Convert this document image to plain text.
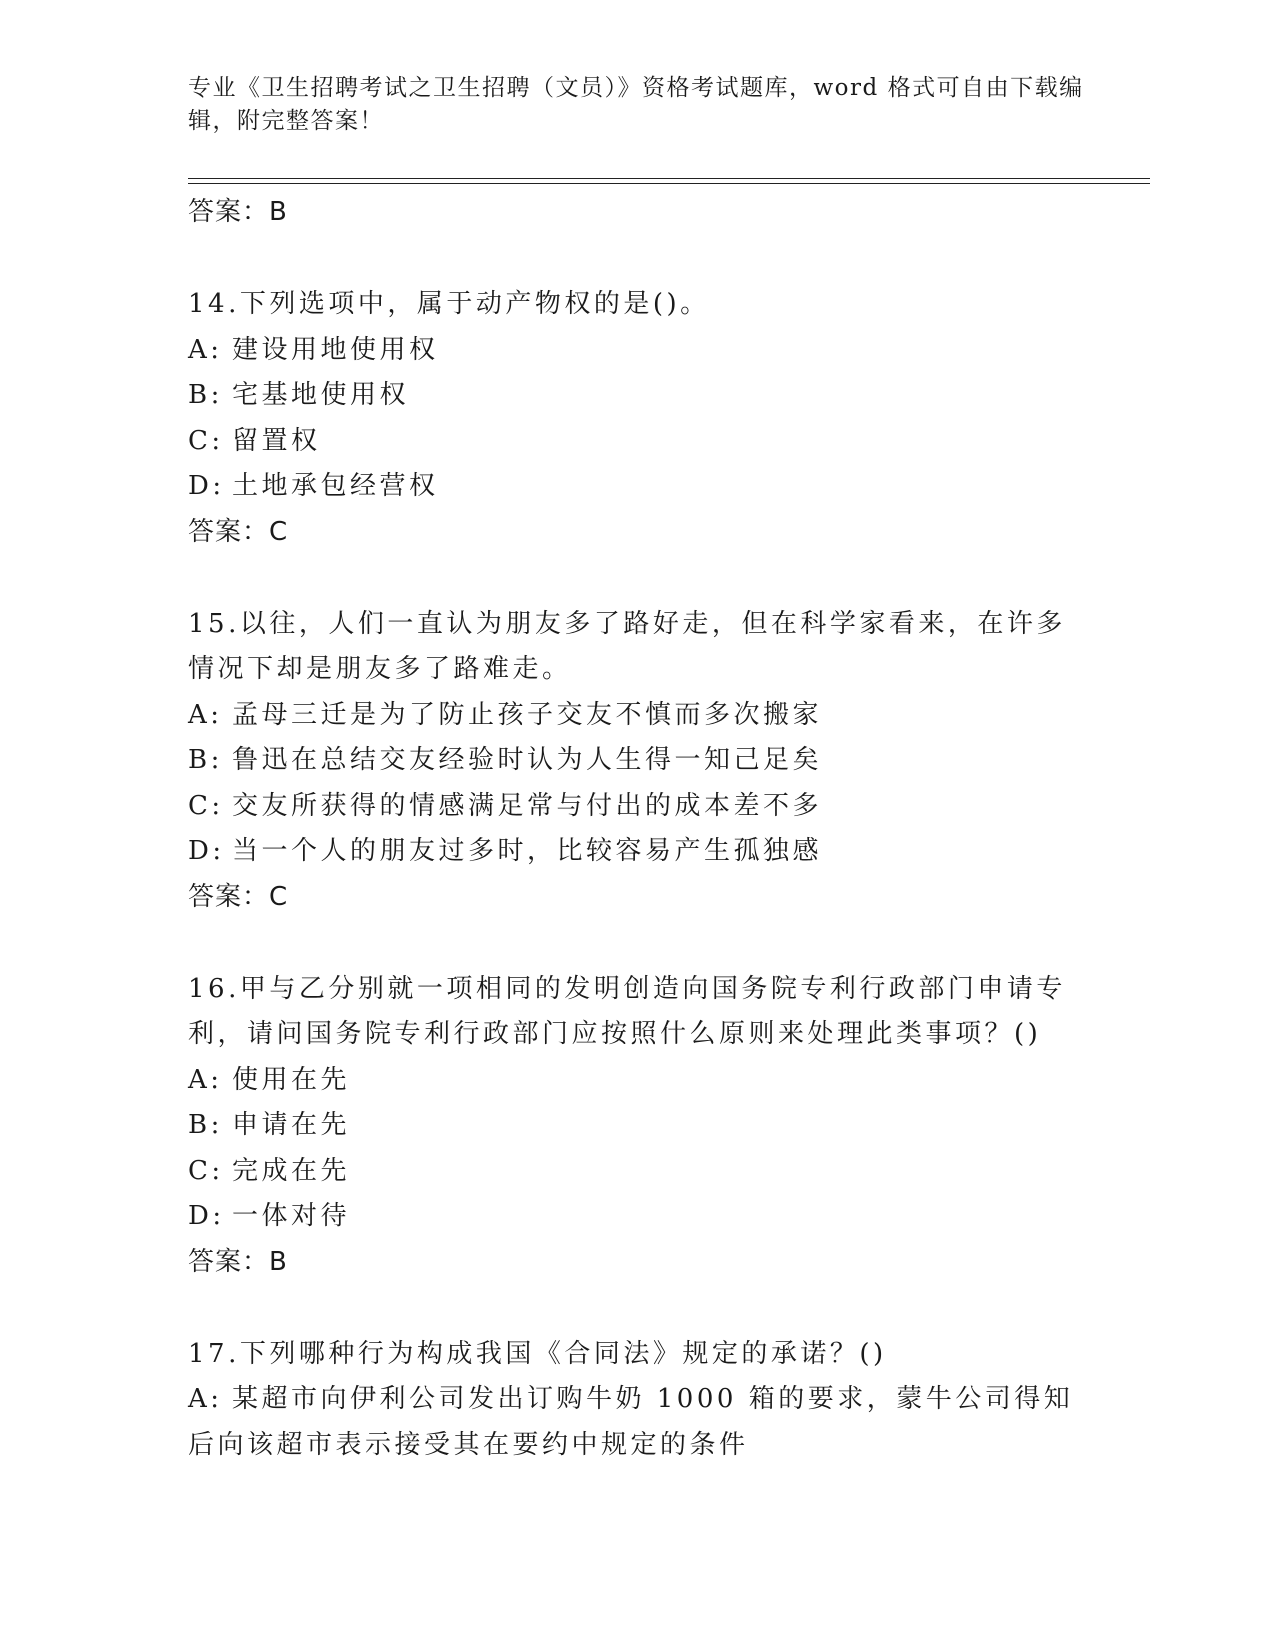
专业《卫生招聘考试之卫生招聘（文员）》资格考试题库，word 格式可自由下载编辑，附完整答案！
答案：B
14.下列选项中，属于动产物权的是()。
A: 建设用地使用权
B: 宅基地使用权
C: 留置权
D: 土地承包经营权
答案：C
15.以往，人们一直认为朋友多了路好走，但在科学家看来，在许多情况下却是朋友多了路难走。
A: 孟母三迁是为了防止孩子交友不慎而多次搬家
B: 鲁迅在总结交友经验时认为人生得一知己足矣
C: 交友所获得的情感满足常与付出的成本差不多
D: 当一个人的朋友过多时，比较容易产生孤独感
答案：C
16.甲与乙分别就一项相同的发明创造向国务院专利行政部门申请专利，请问国务院专利行政部门应按照什么原则来处理此类事项？()
A: 使用在先
B: 申请在先
C: 完成在先
D: 一体对待
答案：B
17.下列哪种行为构成我国《合同法》规定的承诺？()
A: 某超市向伊利公司发出订购牛奶 1000 箱的要求，蒙牛公司得知后向该超市表示接受其在要约中规定的条件
